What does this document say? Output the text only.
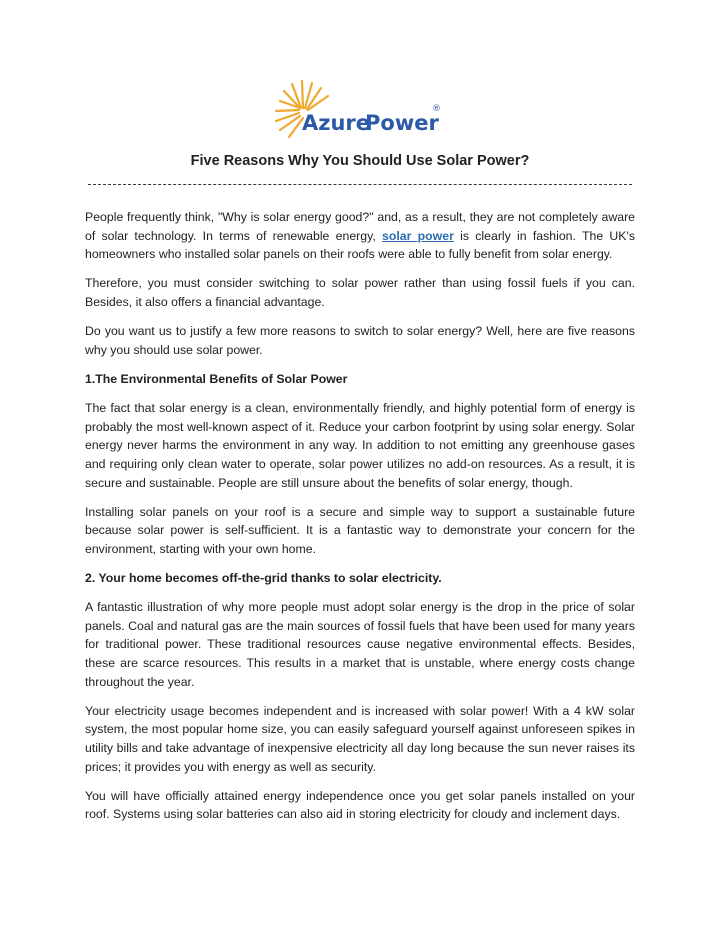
Azure
Power
®
Five Reasons Why You Should Use Solar Power?

People frequently think, "Why is solar energy good?" and, as a result, they are not completely aware of solar technology. In terms of renewable energy, solar power is clearly in fashion. The UK's homeowners who installed solar panels on their roofs were able to fully benefit from solar energy.

Therefore, you must consider switching to solar power rather than using fossil fuels if you can. Besides, it also offers a financial advantage.

Do you want us to justify a few more reasons to switch to solar energy? Well, here are five reasons why you should use solar power.

1.The Environmental Benefits of Solar Power

The fact that solar energy is a clean, environmentally friendly, and highly potential form of energy is probably the most well-known aspect of it. Reduce your carbon footprint by using solar energy. Solar energy never harms the environment in any way. In addition to not emitting any greenhouse gases and requiring only clean water to operate, solar power utilizes no add-on resources. As a result, it is secure and sustainable. People are still unsure about the benefits of solar energy, though.

Installing solar panels on your roof is a secure and simple way to support a sustainable future because solar power is self-sufficient. It is a fantastic way to demonstrate your concern for the environment, starting with your own home.

2. Your home becomes off-the-grid thanks to solar electricity.

A fantastic illustration of why more people must adopt solar energy is the drop in the price of solar panels. Coal and natural gas are the main sources of fossil fuels that have been used for many years for traditional power. These traditional resources cause negative environmental effects. Besides, these are scarce resources. This results in a market that is unstable, where energy costs change throughout the year.

Your electricity usage becomes independent and is increased with solar power! With a 4 kW solar system, the most popular home size, you can easily safeguard yourself against unforeseen spikes in utility bills and take advantage of inexpensive electricity all day long because the sun never raises its prices; it provides you with energy as well as security.

You will have officially attained energy independence once you get solar panels installed on your roof. Systems using solar batteries can also aid in storing electricity for cloudy and inclement days.
